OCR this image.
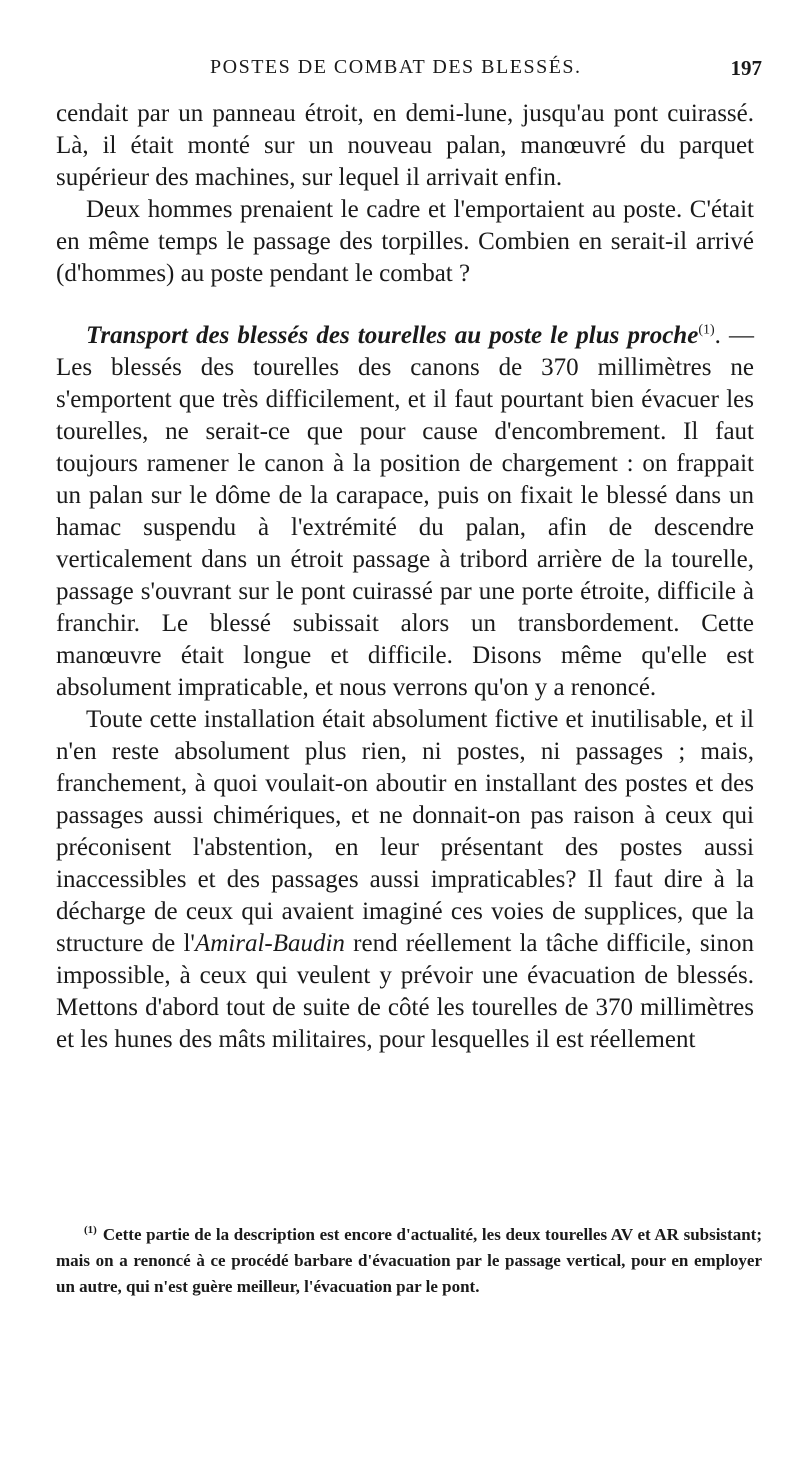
POSTES DE COMBAT DES BLESSÉS.	197

cendait par un panneau étroit, en demi-lune, jusqu'au pont cuirassé. Là, il était monté sur un nouveau palan, manœuvré du parquet supérieur des machines, sur lequel il arrivait enfin.

Deux hommes prenaient le cadre et l'emportaient au poste. C'était en même temps le passage des torpilles. Combien en serait-il arrivé (d'hommes) au poste pendant le combat ?

Transport des blessés des tourelles au poste le plus proche$^{(1)}$. — Les blessés des tourelles des canons de 370 millimètres ne s'emportent que très difficilement, et il faut pourtant bien évacuer les tourelles, ne serait-ce que pour cause d'encombrement. Il faut toujours ramener le canon à la position de chargement : on frappait un palan sur le dôme de la carapace, puis on fixait le blessé dans un hamac suspendu à l'extrémité du palan, afin de descendre verticalement dans un étroit passage à tribord arrière de la tourelle, passage s'ouvrant sur le pont cuirassé par une porte étroite, difficile à franchir. Le blessé subissait alors un transbordement. Cette manœuvre était longue et difficile. Disons même qu'elle est absolument impraticable, et nous verrons qu'on y a renoncé.

Toute cette installation était absolument fictive et inutilisable, et il n'en reste absolument plus rien, ni postes, ni passages ; mais, franchement, à quoi voulait-on aboutir en installant des postes et des passages aussi chimériques, et ne donnait-on pas raison à ceux qui préconisent l'abstention, en leur présentant des postes aussi inaccessibles et des passages aussi impraticables? Il faut dire à la décharge de ceux qui avaient imaginé ces voies de supplices, que la structure de l'Amiral-Baudin rend réellement la tâche difficile, sinon impossible, à ceux qui veulent y prévoir une évacuation de blessés. Mettons d'abord tout de suite de côté les tourelles de 370 millimètres et les hunes des mâts militaires, pour lesquelles il est réellement

$^{(1)}$ Cette partie de la description est encore d'actualité, les deux tourelles AV et AR subsistant; mais on a renoncé à ce procédé barbare d'évacuation par le passage vertical, pour en employer un autre, qui n'est guère meilleur, l'évacuation par le pont.
